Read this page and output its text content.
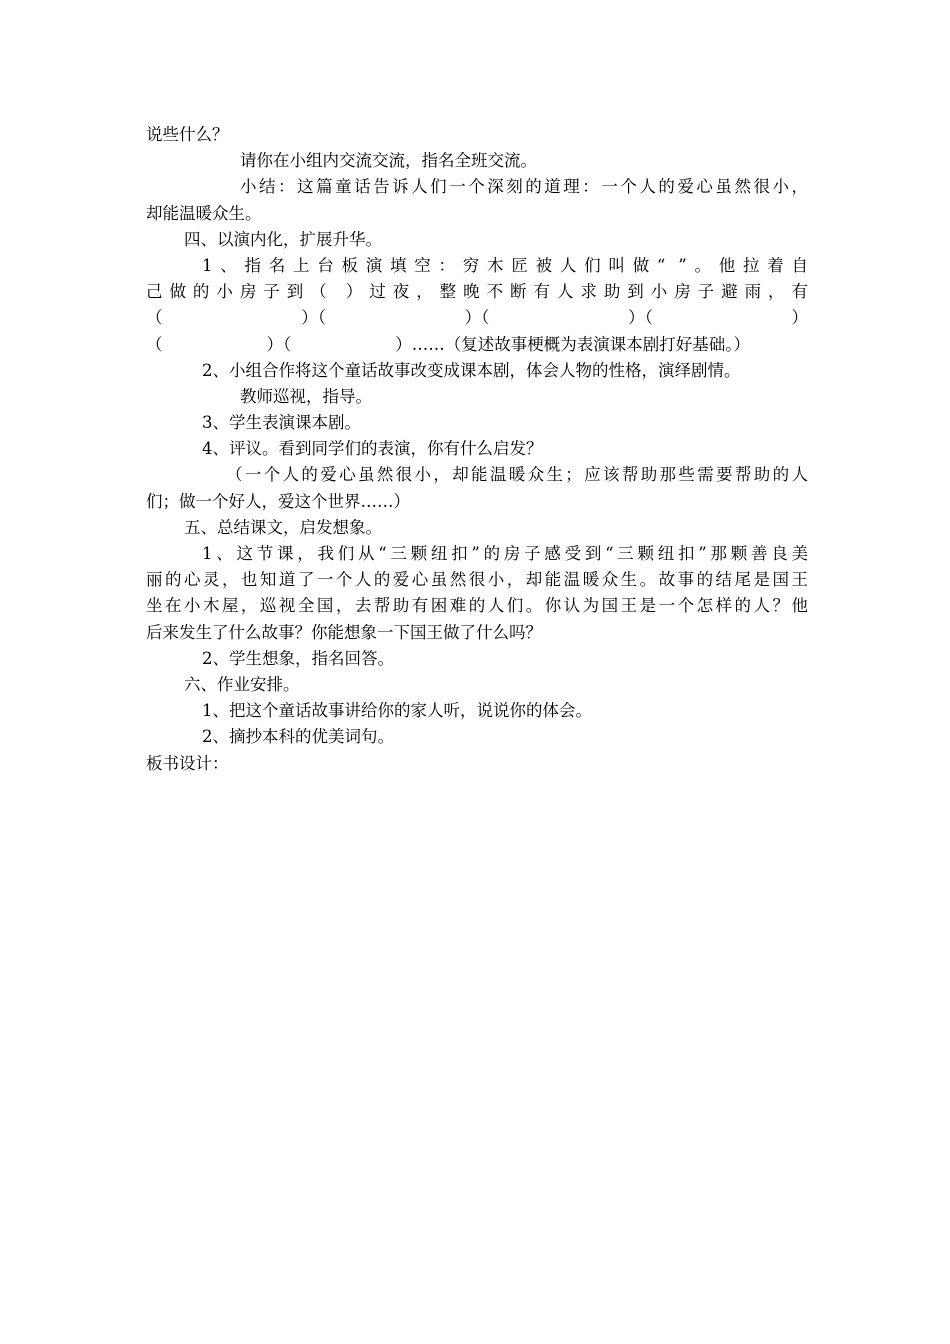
说些什么？
请你在小组内交流交流，指名全班交流。
小结：这篇童话告诉人们一个深刻的道理：一个人的爱心虽然很小，
却能温暖众生。
四、以演内化，扩展升华。
1、指名上台板演填空：穷木匠被人们叫做“ ”。他拉着自
己做的小房子到（ ）过夜，整晚不断有人求助到小房子避雨，有
（	）（	）（	）（	）
（	）（	）……（复述故事梗概为表演课本剧打好基础。）
2、小组合作将这个童话故事改变成课本剧，体会人物的性格，演绎剧情。
教师巡视，指导。
3、学生表演课本剧。
4、评议。看到同学们的表演，你有什么启发？
（一个人的爱心虽然很小，却能温暖众生；应该帮助那些需要帮助的人
们；做一个好人，爱这个世界……）
五、总结课文，启发想象。
1、这节课，我们从“三颗纽扣”的房子感受到“三颗纽扣”那颗善良美
丽的心灵，也知道了一个人的爱心虽然很小，却能温暖众生。故事的结尾是国王
坐在小木屋，巡视全国，去帮助有困难的人们。你认为国王是一个怎样的人？他
后来发生了什么故事？你能想象一下国王做了什么吗？
2、学生想象，指名回答。
六、作业安排。
1、把这个童话故事讲给你的家人听，说说你的体会。
2、摘抄本科的优美词句。
板书设计：
